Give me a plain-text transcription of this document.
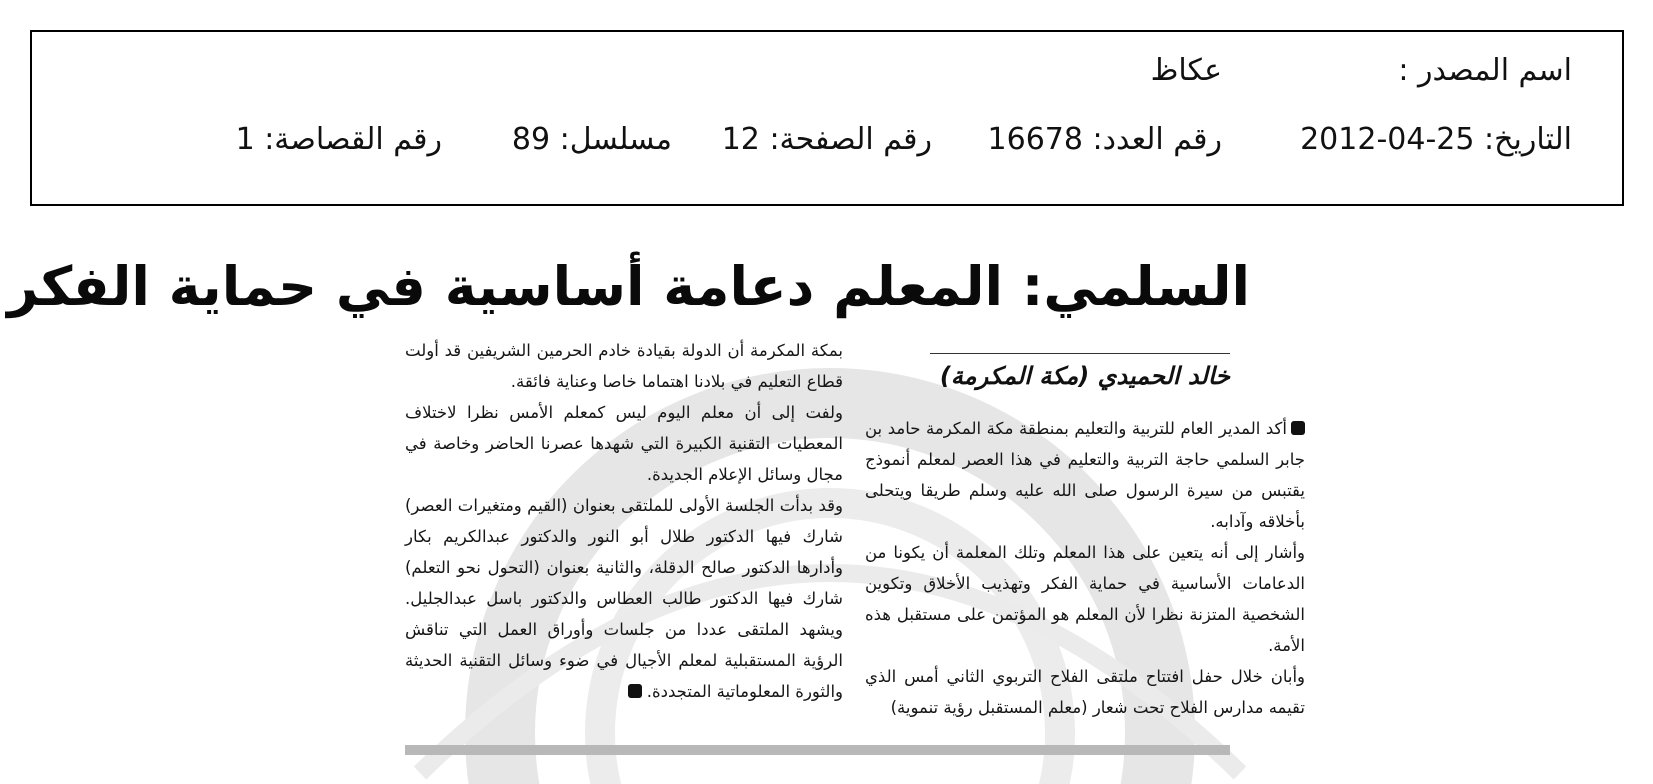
اسم المصدر :
عكاظ
التاريخ: 25-04-2012
رقم العدد: 16678
رقم الصفحة: 12
مسلسل: 89
رقم القصاصة: 1
السلمي: المعلم دعامة أساسية في حماية الفكر
خالد الحميدي (مكة المكرمة)

أكد المدير العام للتربية والتعليم بمنطقة مكة المكرمة حامد بن جابر السلمي حاجة التربية والتعليم في هذا العصر لمعلم أنموذج يقتبس من سيرة الرسول صلى الله عليه وسلم طريقا ويتحلى بأخلاقه وآدابه.

وأشار إلى أنه يتعين على هذا المعلم وتلك المعلمة أن يكونا من الدعامات الأساسية في حماية الفكر وتهذيب الأخلاق وتكوين الشخصية المتزنة نظرا لأن المعلم هو المؤتمن على مستقبل هذه الأمة.

وأبان خلال حفل افتتاح ملتقى الفلاح التربوي الثاني أمس الذي تقيمه مدارس الفلاح تحت شعار (معلم المستقبل رؤية تنموية)

بمكة المكرمة أن الدولة بقيادة خادم الحرمين الشريفين قد أولت قطاع التعليم في بلادنا اهتماما خاصا وعناية فائقة.

ولفت إلى أن معلم اليوم ليس كمعلم الأمس نظرا لاختلاف المعطيات التقنية الكبيرة التي شهدها عصرنا الحاضر وخاصة في مجال وسائل الإعلام الجديدة.

وقد بدأت الجلسة الأولى للملتقى بعنوان (القيم ومتغيرات العصر) شارك فيها الدكتور طلال أبو النور والدكتور عبدالكريم بكار وأدارها الدكتور صالح الدقلة، والثانية بعنوان (التحول نحو التعلم) شارك فيها الدكتور طالب العطاس والدكتور باسل عبدالجليل. ويشهد الملتقى عددا من جلسات وأوراق العمل التي تناقش الرؤية المستقبلية لمعلم الأجيال في ضوء وسائل التقنية الحديثة والثورة المعلوماتية المتجددة.
